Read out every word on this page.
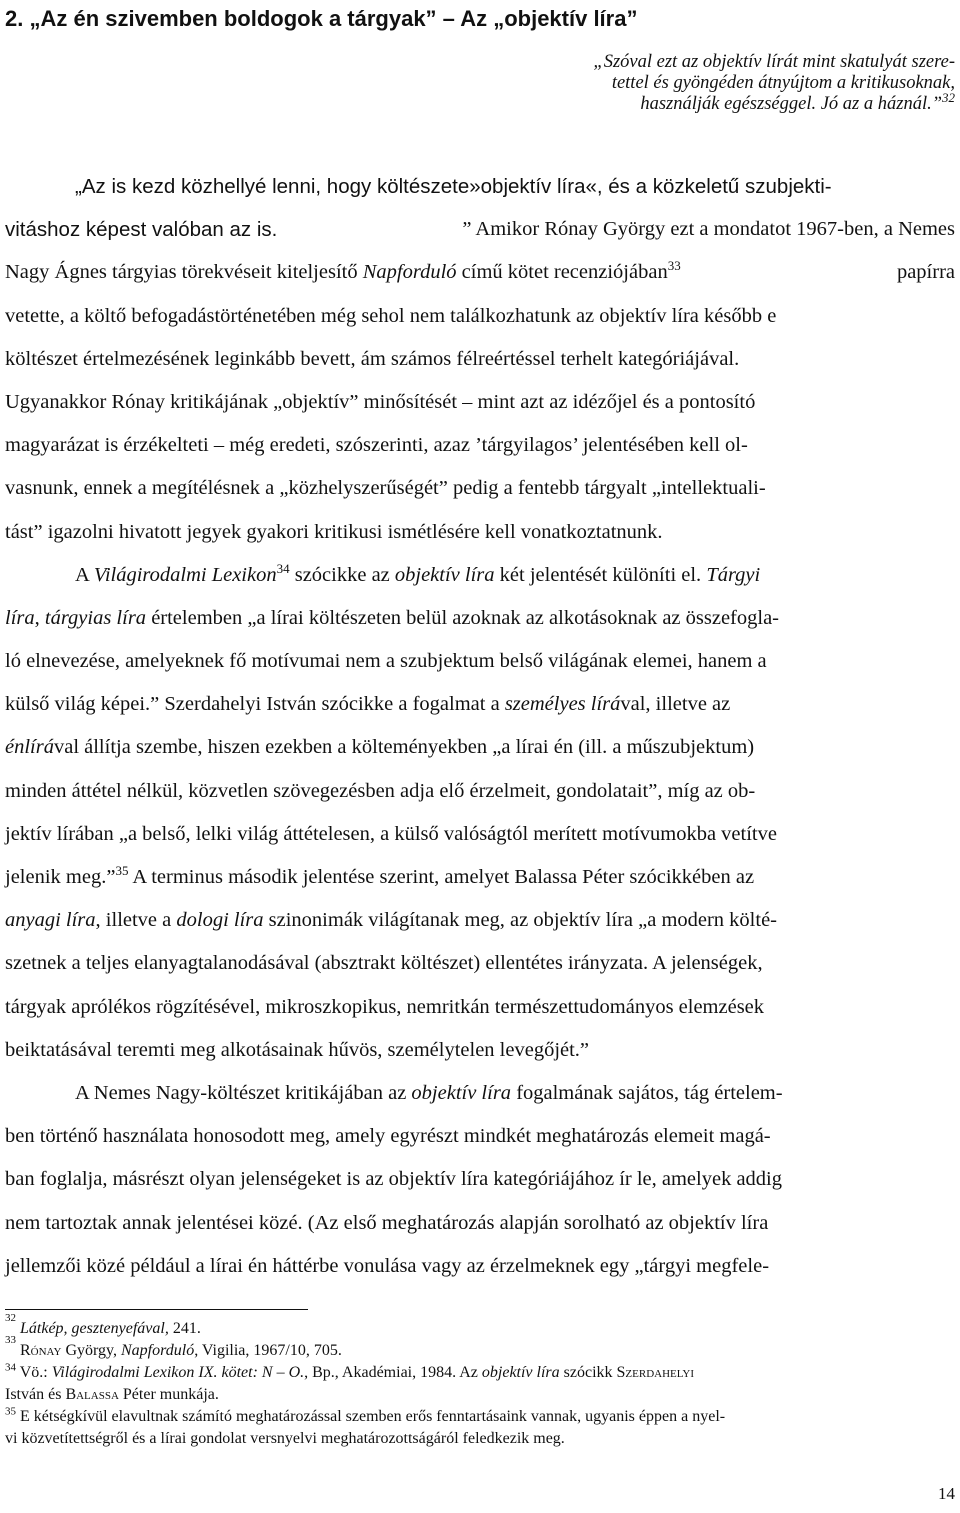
2. „Az én szivemben boldogok a tárgyak” – Az „objektív líra”
„Szóval ezt az objektív lírát mint skatulyát szere-
tettel és gyöngéden átnyújtom a kritikusoknak,
használják egészséggel. Jó az a háznál.”$^{32}$
„Az is kezd közhellyé lenni, hogy költészete»objektív líra«, és a közkeletű szubjekti-
vitáshoz képest valóban az is.	” Amikor Rónay György ezt a mondatot 1967-ben, a Nemes
Nagy Ágnes tárgyias törekvéseit kiteljesítő Napforduló című kötet recenziójában$^{33}$	papírra
vetette, a költő befogadástörténetében még sehol nem találkozhatunk az objektív líra később e
költészet értelmezésének leginkább bevett, ám számos félreértéssel terhelt kategóriájával.
Ugyanakkor Rónay kritikájának „objektív” minősítését – mint azt az idézőjel és a pontosító
magyarázat is érzékelteti – még eredeti, szószerinti, azaz ’tárgyilagos’ jelentésében kell ol-
vasnunk, ennek a megítélésnek a „közhelyszerűségét” pedig a fentebb tárgyalt „intellektuali-
tást” igazolni hivatott jegyek gyakori kritikusi ismétlésére kell vonatkoztatnunk.
A Világirodalmi Lexikon$^{34}$ szócikke az objektív líra két jelentését különíti el. Tárgyi
líra, tárgyias líra értelemben „a lírai költészeten belül azoknak az alkotásoknak az összefogla-
ló elnevezése, amelyeknek fő motívumai nem a szubjektum belső világának elemei, hanem a
külső világ képei.” Szerdahelyi István szócikke a fogalmat a személyes lírával, illetve az
énlírával állítja szembe, hiszen ezekben a költeményekben „a lírai én (ill. a műszubjektum)
minden áttétel nélkül, közvetlen szövegezésben adja elő érzelmeit, gondolatait”, míg az ob-
jektív lírában „a belső, lelki világ áttételesen, a külső valóságtól merített motívumokba vetítve
jelenik meg.”$^{35}$ A terminus második jelentése szerint, amelyet Balassa Péter szócikkében az
anyagi líra, illetve a dologi líra szinonimák világítanak meg, az objektív líra „a modern költé-
szetnek a teljes elanyagtalanodásával (absztrakt költészet) ellentétes irányzata. A jelenségek,
tárgyak aprólékos rögzítésével, mikroszkopikus, nemritkán természettudományos elemzések
beiktatásával teremti meg alkotásainak hűvös, személytelen levegőjét.”
A Nemes Nagy-költészet kritikájában az objektív líra fogalmának sajátos, tág értelem-
ben történő használata honosodott meg, amely egyrészt mindkét meghatározás elemeit magá-
ban foglalja, másrészt olyan jelenségeket is az objektív líra kategóriájához ír le, amelyek addig
nem tartoztak annak jelentései közé. (Az első meghatározás alapján sorolható az objektív líra
jellemzői közé például a lírai én háttérbe vonulása vagy az érzelmeknek egy „tárgyi megfele-
32

Látkép, gesztenyefával, 241.
33

Rónay György, Napforduló , Vigilia, 1967/10, 705.
$^{34}$ Vö.: Világirodalmi Lexikon IX. kötet: N – O., Bp., Akadémiai, 1984. Az objektív líra szócikk Szerdahelyi
István és Balassa Péter munkája.
$^{35}$ E kétségkívül elavultnak számító meghatározással szemben erős fenntartásaink vannak, ugyanis éppen a nyel-
vi közvetítettségről és a lírai gondolat versnyelvi meghatározottságáról feledkezik meg.
14
